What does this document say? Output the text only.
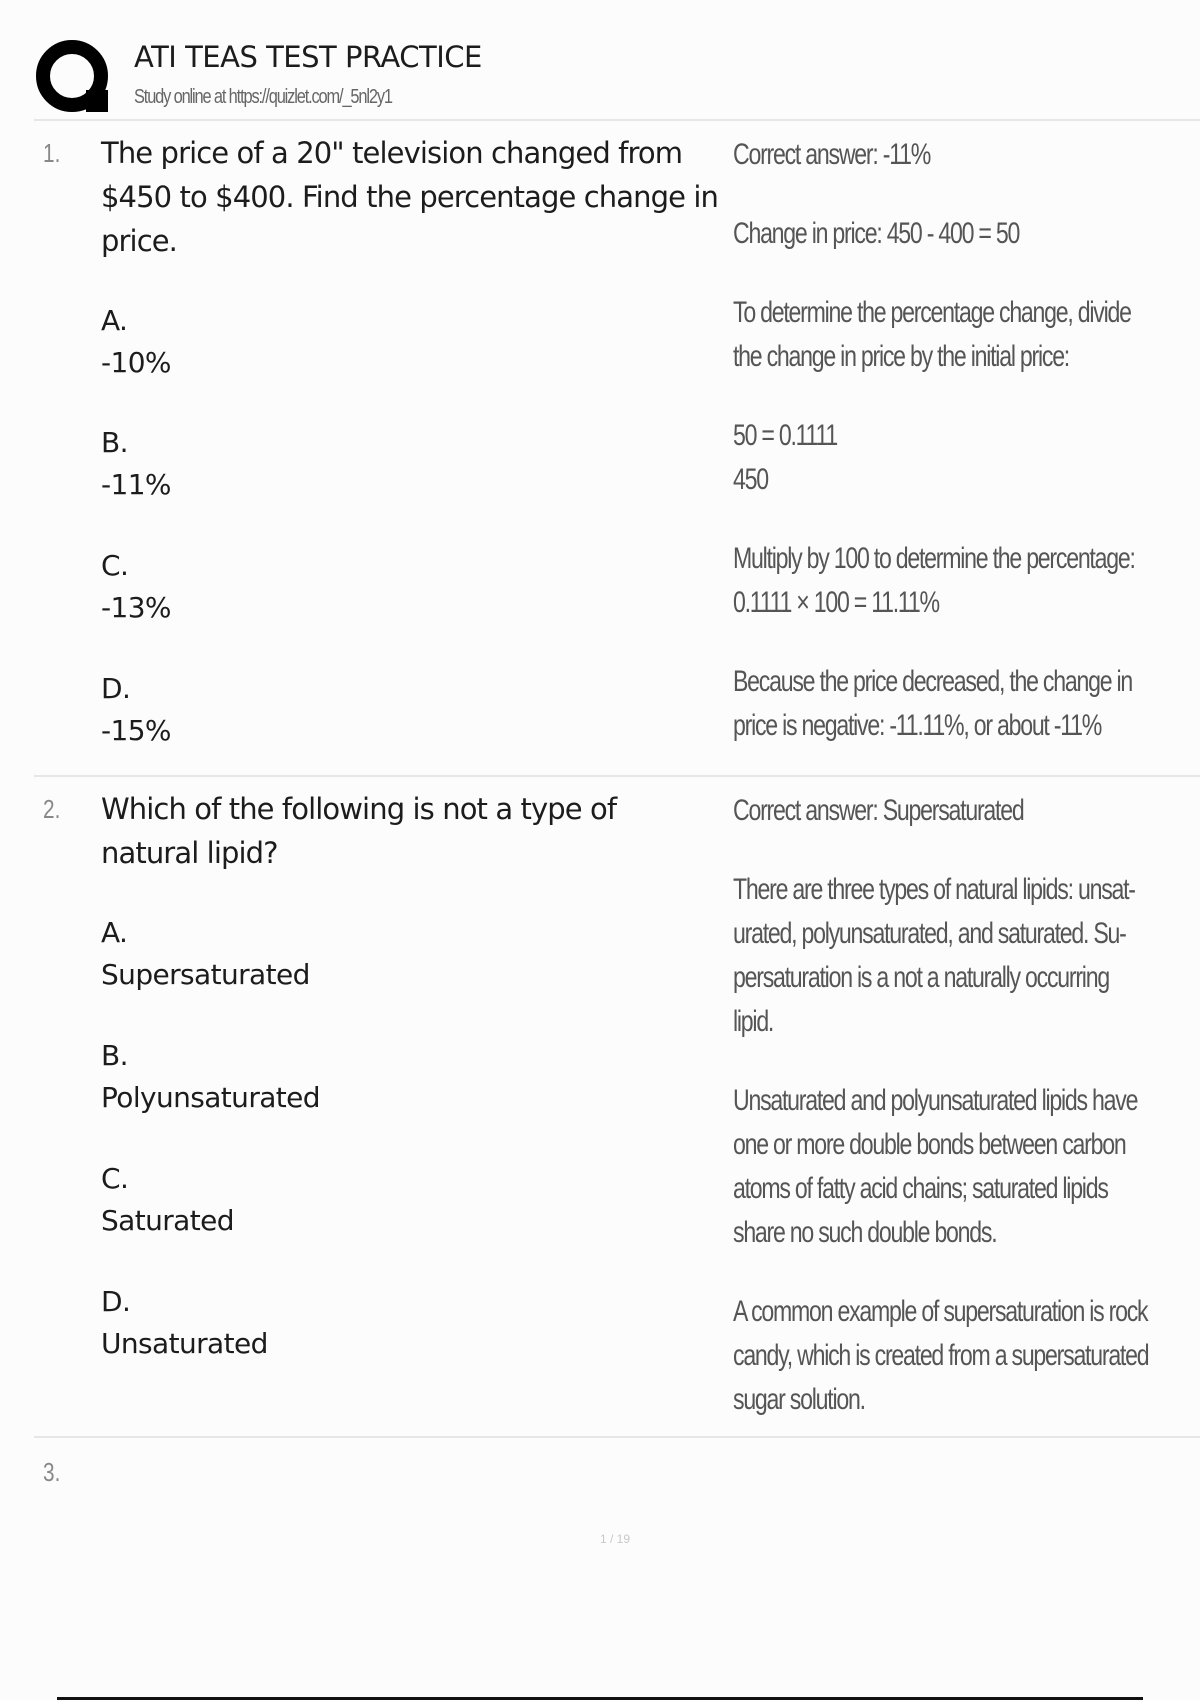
ATI TEAS TEST PRACTICE
Study online at https://quizlet.com/_5nl2y1
1. The price of a 20" television changed from $450 to $400. Find the percentage change in price.
A.
-10%
B.
-11%
C.
-13%
D.
-15%
Correct answer: -11%
Change in price: 450 - 400 = 50
To determine the percentage change, divide
the change in price by the initial price:
50 = 0.1111
450
Multiply by 100 to determine the percentage:
0.1111 × 100 = 11.11%
Because the price decreased, the change in
price is negative: -11.11%, or about -11%
2. Which of the following is not a type of natural lipid?
A.
Supersaturated
B.
Polyunsaturated
C.
Saturated
D.
Unsaturated
Correct answer: Supersaturated
There are three types of natural lipids: unsat-
urated, polyunsaturated, and saturated. Su-
persaturation is a not a naturally occurring
lipid.
Unsaturated and polyunsaturated lipids have
one or more double bonds between carbon
atoms of fatty acid chains; saturated lipids
share no such double bonds.
A common example of supersaturation is rock
candy, which is created from a supersaturated
sugar solution.
3.
1 / 19
